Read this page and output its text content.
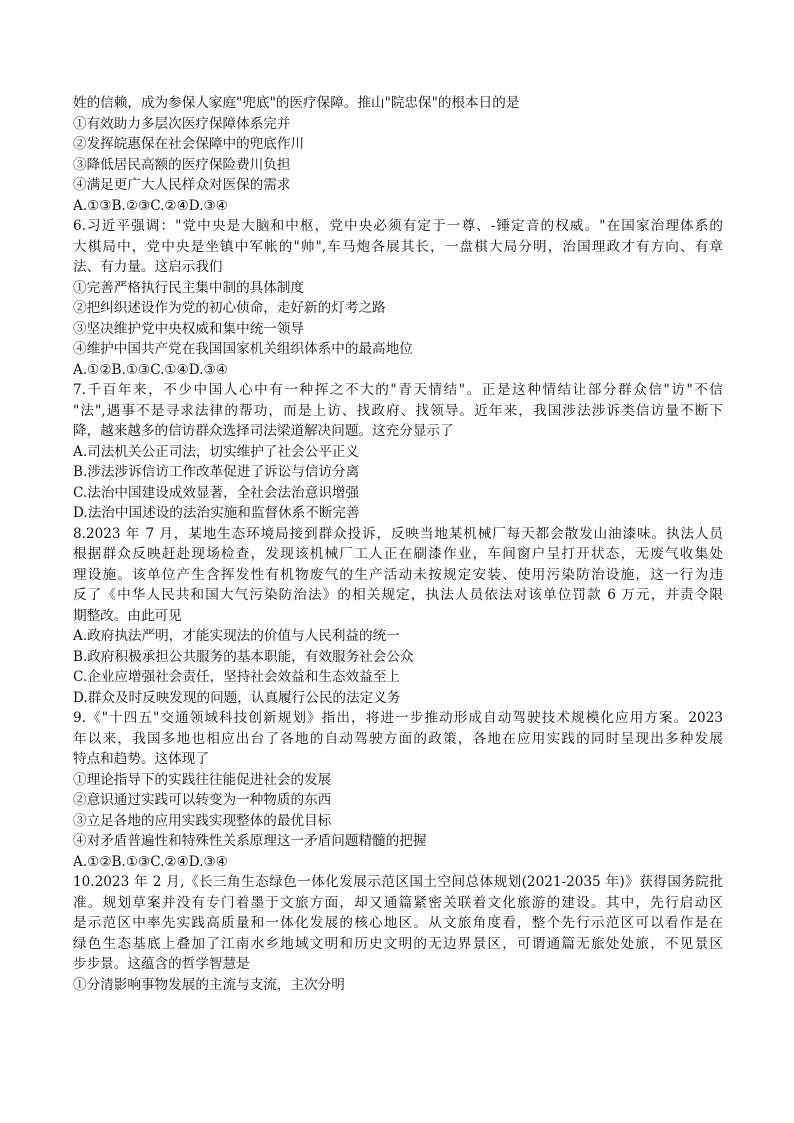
姓的信赖，成为参保人家庭"兜底"的医疗保障。推山"院忠保"的根本日的是
①有效助力多层次医疗保障体系完并
②发挥皖惠保在社会保障中的兜底作川
③降低居民高额的医疗保险费川负担
④满足更广大人民样众对医保的需求
A.①③B.②③C.②④D.③④
6.习近平强调："党中央是大脑和中枢，党中央必须有定于一尊、-锤定音的权威。"在国家治理体系的
大棋局中，党中央是坐镇中军帐的"帅",车马炮各展其长，一盘棋大局分明，治国理政才有方向、有章
法、有力量。这启示我们
①完善严格执行民主集中制的具体制度
②把纠织述设作为党的初心侦命，走好新的灯考之路
③坚决维护党中央权威和集中统一领导
④维护中国共产党在我国国家机关组织体系中的最高地位
A.①②B.①③C.①④D.③④
7.千百年来，不少中国人心中有一种挥之不大的"青天情结"。正是这种情结让部分群众信"访"不信
"法",遇事不是寻求法律的帮功，而是上访、找政府、找领导。近年来，我国涉法涉诉类信访量不断下
降，越来越多的信访群众选择司法梁道解决问题。这充分显示了
A.司法机关公正司法，切实维护了社会公平正义
B.涉法涉诉信访工作改革促进了诉讼与信访分离
C.法治中国建设成效显著，全社会法治意识增强
D.法治中国述设的法治实施和监督休系不断完善
8.2023 年 7 月，某地生态环境局接到群众投诉，反映当地某机械厂每天都会散发山油漆味。执法人员
根据群众反映赶赴现场检查，发现该机械厂工人正在刷漆作业，车间窗户呈打开状态，无废气收集处
理设施。该单位产生含挥发性有机物废气的生产活动未按规定安装、使用污染防治设施，这一行为违
反了《中华人民共和国大气污染防治法》的相关规定，执法人员依法对该单位罚款 6 万元，并责令限
期整改。由此可见
A.政府执法严明，才能实现法的价值与人民利益的统一
B.政府积极承担公共服务的基本职能，有效服务社会公众
C.企业应增强社会责任，坚持社会效益和生态效益至上
D.群众及时反映发现的问题，认真履行公民的法定义务
9.《"十四五"交通领域科技创新规划》指出，将进一步推动形成自动驾驶技术规模化应用方案。2023
年以来，我国多地也相应出台了各地的自动驾驶方面的政策，各地在应用实践的同时呈现出多种发展
特点和趋势。这体现了
①理论指导下的实践往往能促进社会的发展
②意识通过实践可以转变为一种物质的东西
③立足各地的应用实践实现整体的最优目标
④对矛盾普遍性和特殊性关系原理这一矛盾问题精髓的把握
A.①②B.①③C.②④D.③④
10.2023 年 2 月,《长三角生态绿色一体化发展示范区国土空间总体规划(2021-2035 年)》获得国务院批
准。规划草案并没有专门着墨于文旅方面，却又通篇紧密关联着文化旅游的建设。其中，先行启动区
是示范区中率先实践高质量和一体化发展的核心地区。从文旅角度看，整个先行示范区可以看作是在
绿色生态基底上叠加了江南水乡地域文明和历史文明的无边界景区，可谓通篇无旅处处旅，不见景区
步步景。这蕴含的哲学智慧是
①分清影响事物发展的主流与支流，主次分明
